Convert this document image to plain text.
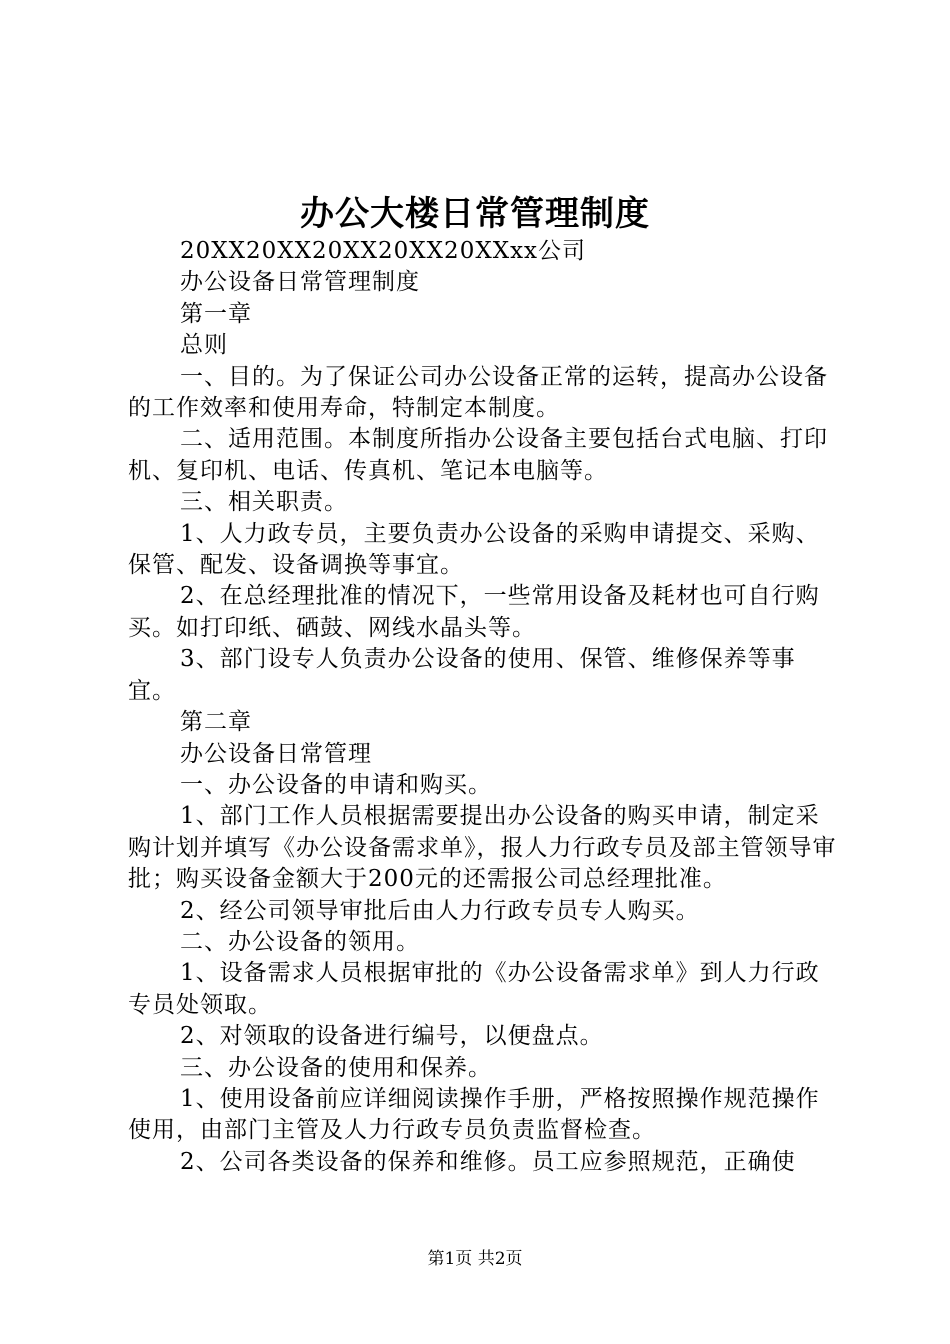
办公大楼日常管理制度

20XX20XX20XX20XX20XXxx公司

办公设备日常管理制度

第一章

总则

一、目的。为了保证公司办公设备正常的运转，提高办公设备的工作效率和使用寿命，特制定本制度。

二、适用范围。本制度所指办公设备主要包括台式电脑、打印机、复印机、电话、传真机、笔记本电脑等。

三、相关职责。

1、人力政专员，主要负责办公设备的采购申请提交、采购、保管、配发、设备调换等事宜。

2、在总经理批准的情况下，一些常用设备及耗材也可自行购买。如打印纸、硒鼓、网线水晶头等。

3、部门设专人负责办公设备的使用、保管、维修保养等事宜。

第二章

办公设备日常管理

一、办公设备的申请和购买。

1、部门工作人员根据需要提出办公设备的购买申请，制定采购计划并填写《办公设备需求单》，报人力行政专员及部主管领导审批；购买设备金额大于200元的还需报公司总经理批准。

2、经公司领导审批后由人力行政专员专人购买。

二、办公设备的领用。

1、设备需求人员根据审批的《办公设备需求单》到人力行政专员处领取。

2、对领取的设备进行编号，以便盘点。

三、办公设备的使用和保养。

1、使用设备前应详细阅读操作手册，严格按照操作规范操作使用，由部门主管及人力行政专员负责监督检查。

2、公司各类设备的保养和维修。员工应参照规范，正确使

第1页 共2页
